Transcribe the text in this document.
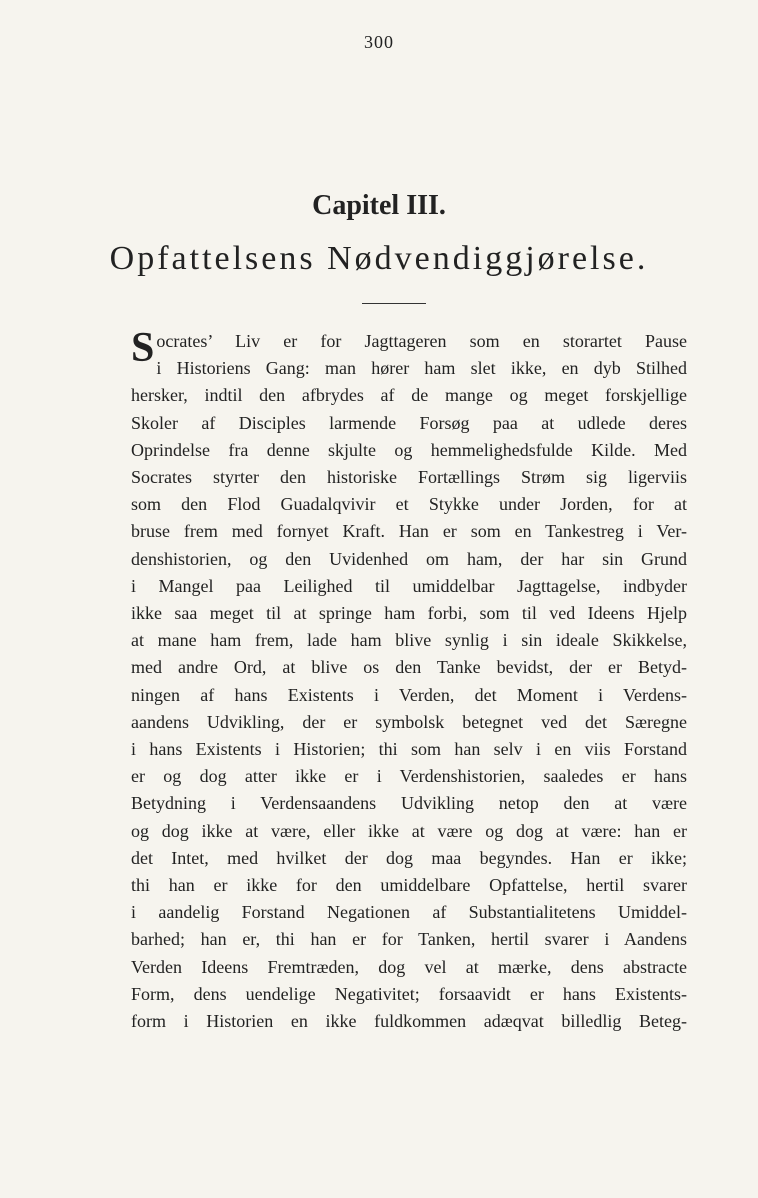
300
Capitel III.
Opfattelsens Nødvendiggjørelse.
S ocrates’ Liv er for Jagttageren som en storartet Pause
i Historiens Gang: man hører ham slet ikke, en dyb Stilhed
hersker, indtil den afbrydes af de mange og meget forskjellige
Skoler af Disciples larmende Forsøg paa at udlede deres
Oprindelse fra denne skjulte og hemmelighedsfulde Kilde. Med
Socrates styrter den historiske Fortællings Strøm sig ligerviis
som den Flod Guadalqvivir et Stykke under Jorden, for at
bruse frem med fornyet Kraft. Han er som en Tankestreg i Ver-
denshistorien, og den Uvidenhed om ham, der har sin Grund
i Mangel paa Leilighed til umiddelbar Jagttagelse, indbyder
ikke saa meget til at springe ham forbi, som til ved Ideens Hjelp
at mane ham frem, lade ham blive synlig i sin ideale Skikkelse,
med andre Ord, at blive os den Tanke bevidst, der er Betyd-
ningen af hans Existents i Verden, det Moment i Verdens-
aandens Udvikling, der er symbolsk betegnet ved det Særegne
i hans Existents i Historien; thi som han selv i en viis Forstand
er og dog atter ikke er i Verdenshistorien, saaledes er hans
Betydning i Verdensaandens Udvikling netop den at være
og dog ikke at være, eller ikke at være og dog at være: han er
det Intet, med hvilket der dog maa begyndes. Han er ikke;
thi han er ikke for den umiddelbare Opfattelse, hertil svarer
i aandelig Forstand Negationen af Substantialitetens Umiddel-
barhed; han er, thi han er for Tanken, hertil svarer i Aandens
Verden Ideens Fremtræden, dog vel at mærke, dens abstracte
Form, dens uendelige Negativitet; forsaavidt er hans Existents-
form i Historien en ikke fuldkommen adæqvat billedlig Beteg-
